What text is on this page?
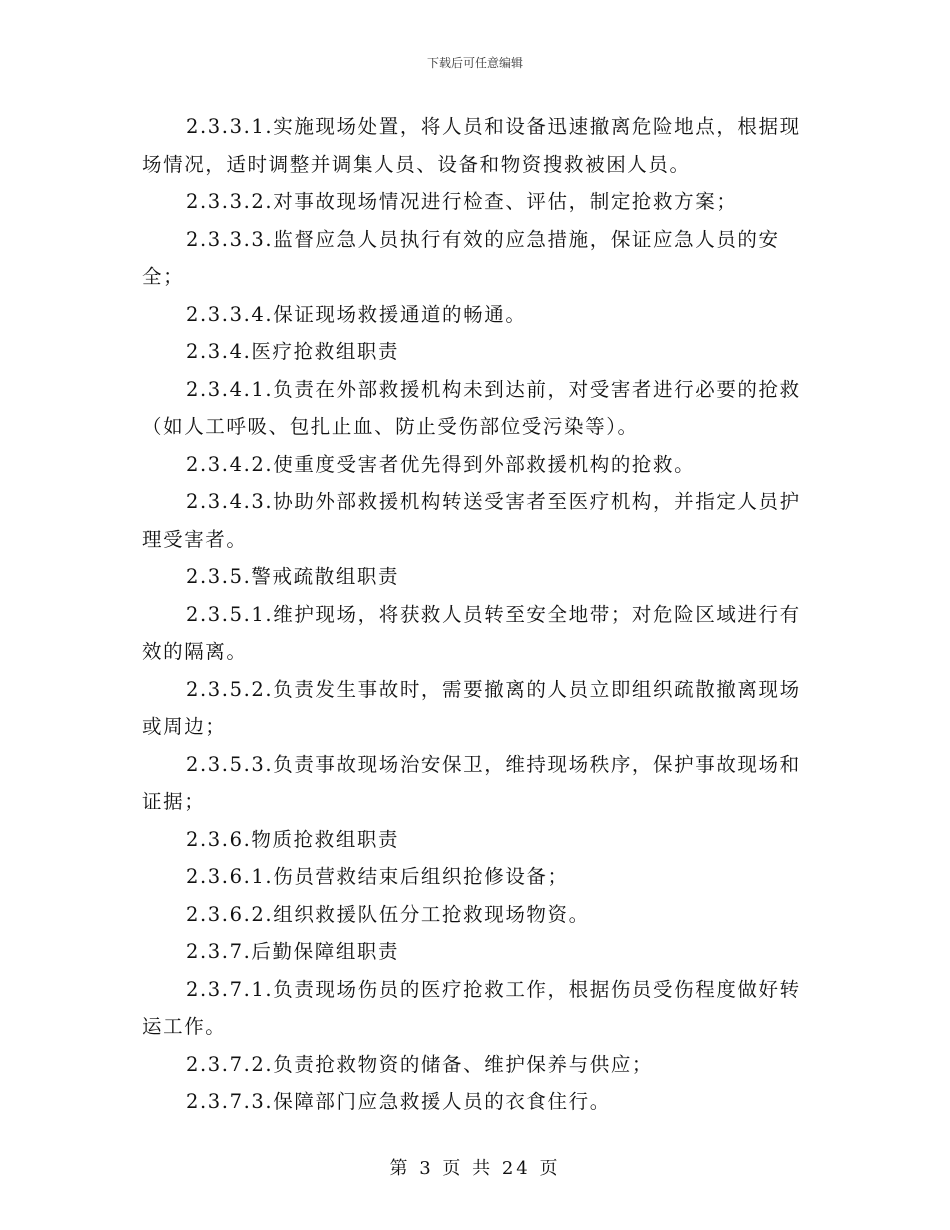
下载后可任意编辑

2.3.3.1.实施现场处置，将人员和设备迅速撤离危险地点，根据现场情况，适时调整并调集人员、设备和物资搜救被困人员。

2.3.3.2.对事故现场情况进行检查、评估，制定抢救方案；

2.3.3.3.监督应急人员执行有效的应急措施，保证应急人员的安全；

2.3.3.4.保证现场救援通道的畅通。

2.3.4.医疗抢救组职责

2.3.4.1.负责在外部救援机构未到达前，对受害者进行必要的抢救（如人工呼吸、包扎止血、防止受伤部位受污染等）。

2.3.4.2.使重度受害者优先得到外部救援机构的抢救。

2.3.4.3.协助外部救援机构转送受害者至医疗机构，并指定人员护理受害者。

2.3.5.警戒疏散组职责

2.3.5.1.维护现场，将获救人员转至安全地带；对危险区域进行有效的隔离。

2.3.5.2.负责发生事故时，需要撤离的人员立即组织疏散撤离现场或周边；

2.3.5.3.负责事故现场治安保卫，维持现场秩序，保护事故现场和证据；

2.3.6.物质抢救组职责

2.3.6.1.伤员营救结束后组织抢修设备；

2.3.6.2.组织救援队伍分工抢救现场物资。

2.3.7.后勤保障组职责

2.3.7.1.负责现场伤员的医疗抢救工作，根据伤员受伤程度做好转运工作。

2.3.7.2.负责抢救物资的储备、维护保养与供应；

2.3.7.3.保障部门应急救援人员的衣食住行。

第 3 页 共 24 页
